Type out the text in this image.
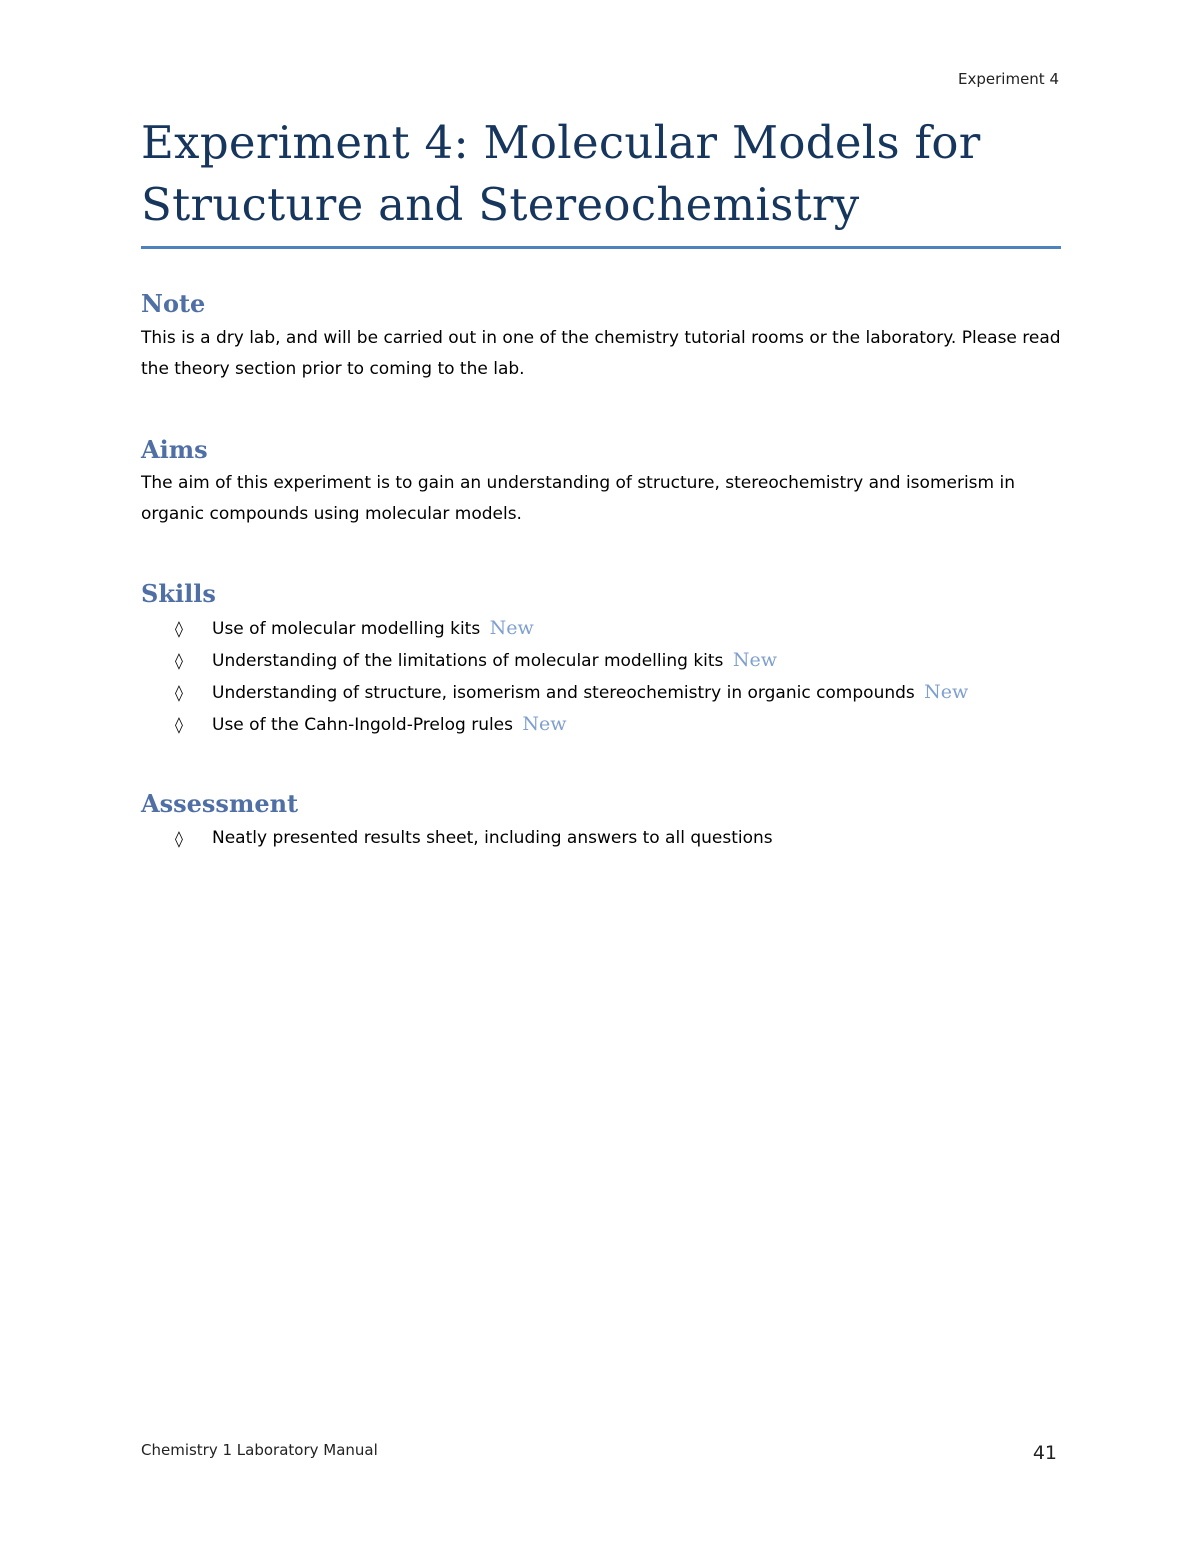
Experiment 4
Experiment 4: Molecular Models for
Structure and Stereochemistry
Note

This is a dry lab, and will be carried out in one of the chemistry tutorial rooms or the laboratory. Please read the theory section prior to coming to the lab.

Aims

The aim of this experiment is to gain an understanding of structure, stereochemistry and isomerism in organic compounds using molecular models.

Skills
◊ Use of molecular modelling kits New
◊ Understanding of the limitations of molecular modelling kits New
◊ Understanding of structure, isomerism and stereochemistry in organic compounds New
◊ Use of the Cahn-Ingold-Prelog rules New
Assessment
◊ Neatly presented results sheet, including answers to all questions
Chemistry 1 Laboratory Manual	41
